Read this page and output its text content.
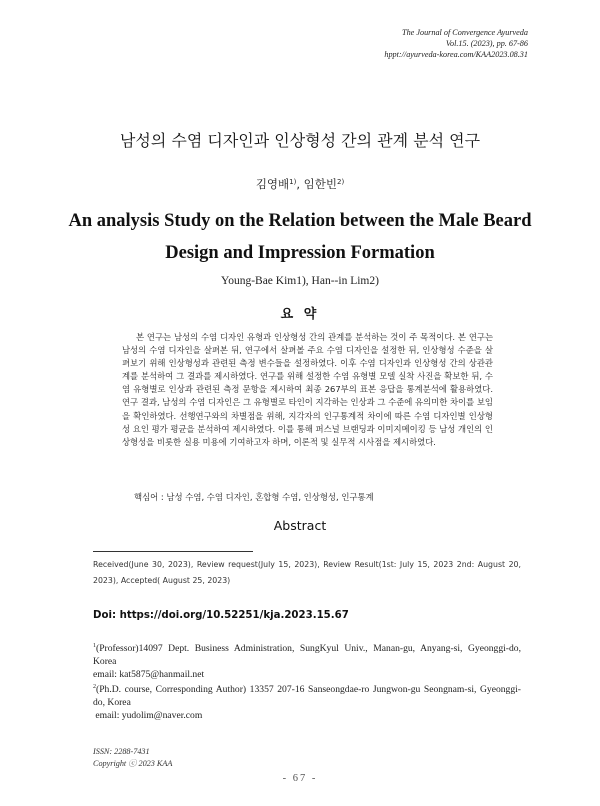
The Journal of Convergence Ayurveda
Vol.15. (2023), pp. 67-86
hppt://ayurveda-korea.com/KAA2023.08.31
남성의 수염 디자인과 인상형성 간의 관계 분석 연구
김영배$^{1)}$, 임한빈$^{2)}$
An analysis Study on the Relation between the Male Beard
Design and Impression Formation
Young-Bae Kim1), Han--in Lim2)
요 약
본 연구는 남성의 수염 디자인 유형과 인상형성 간의 관계를 분석하는 것이 주 목적이다. 본 연구는 남성의 수염 디자인을 살펴본 뒤, 연구에서 살펴볼 주요 수염 디자인을 설정한 뒤, 인상형성 수준을 살펴보기 위해 인상형성과 관련된 측정 변수들을 설정하였다. 이후 수염 디자인과 인상형성 간의 상관관계를 분석하여 그 결과를 제시하였다. 연구를 위해 설정한 수염 유형별 모델 실착 사진을 확보한 뒤, 수염 유형별로 인상과 관련된 측정 문항을 제시하여 최종 267부의 표본 응답을 통계분석에 활용하였다. 연구 결과, 남성의 수염 디자인은 그 유형별로 타인이 지각하는 인상과 그 수준에 유의미한 차이를 보임을 확인하였다. 선행연구와의 차별점을 위해, 지각자의 인구통계적 차이에 따른 수염 디자인별 인상형성 요인 평가 평균을 분석하여 제시하였다. 이를 통해 퍼스널 브랜딩과 이미지메이킹 등 남성 개인의 인상형성을 비롯한 실용 미용에 기여하고자 하며, 이론적 및 실무적 시사점을 제시하였다.
핵심어 : 남성 수염, 수염 디자인, 혼합형 수염, 인상형성, 인구통계
Abstract
Received(June 30, 2023), Review request(July 15, 2023), Review Result(1st: July 15, 2023 2nd: August 20, 2023), Accepted( August 25, 2023)
Doi: https://doi.org/10.52251/kja.2023.15.67
$^1$(Professor)14097 Dept. Business Administration, SungKyul Univ., Manan-gu, Anyang-si, Gyeonggi-do, Korea
email: kat5875@hanmail.net
$^2$(Ph.D. course, Corresponding Author) 13357 207-16 Sanseongdae-ro Jungwon-gu Seongnam-si, Gyeonggi-do, Korea
email: yudolim@naver.com
ISSN: 2288-7431
Copyright ⓒ 2023 KAA
- 67 -
